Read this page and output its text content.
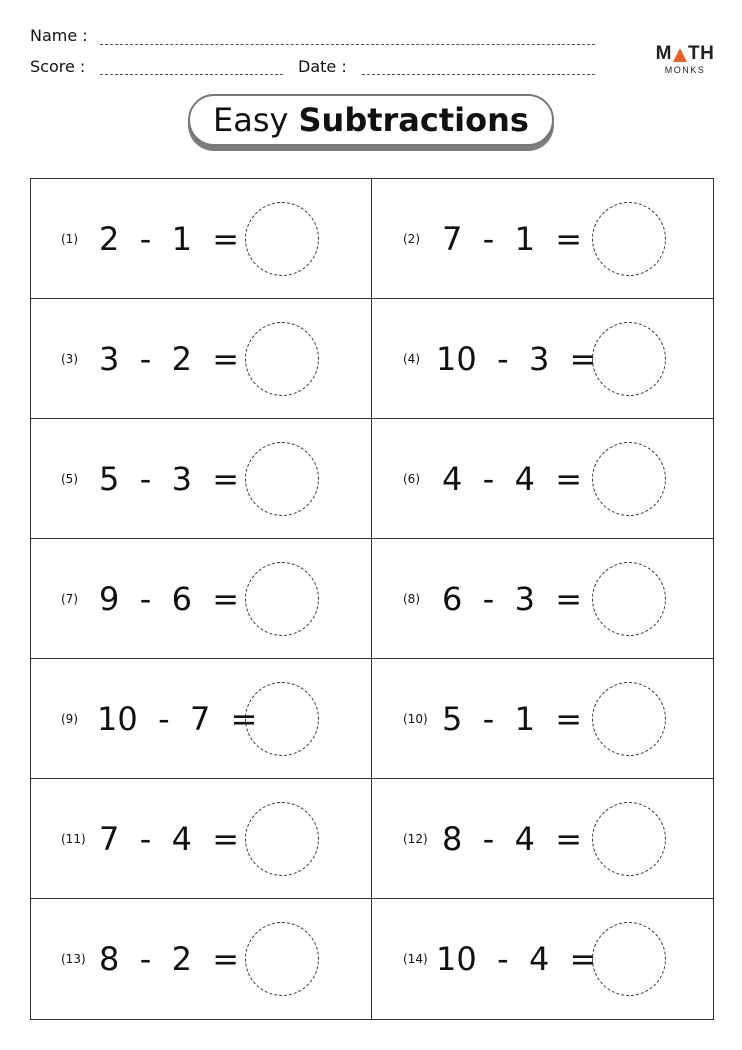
Name :
Score :	Date :
M TH
MONKS
Easy Subtractions
(1) 2  -  1  =	(2) 7  -  1  =
(3) 3  -  2  =	(4) 10  -  3  =
(5) 5  -  3  =	(6) 4  -  4  =
(7) 9  -  6  =	(8) 6  -  3  =
(9) 10  -  7  =	(10) 5  -  1  =
(11) 7  -  4  =	(12) 8  -  4  =
(13) 8  -  2  =	(14) 10  -  4  =
